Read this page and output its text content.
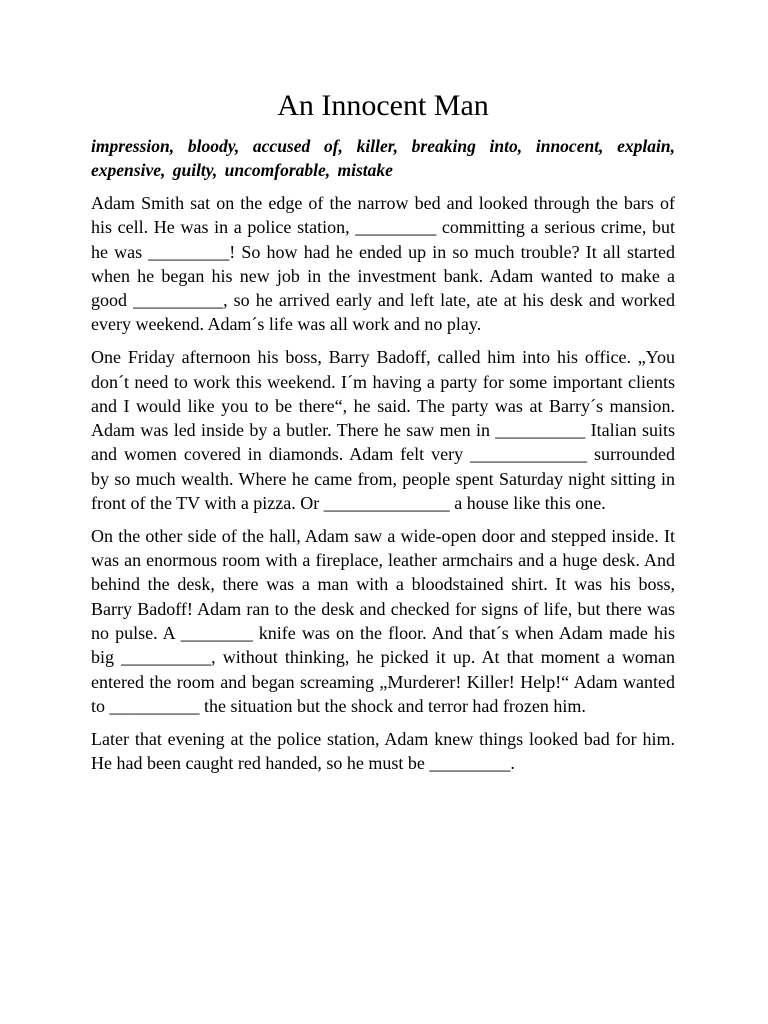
An Innocent Man

impression, bloody, accused of, killer, breaking into, innocent, explain, expensive, guilty, uncomforable, mistake

Adam Smith sat on the edge of the narrow bed and looked through the bars of his cell. He was in a police station, _________ committing a serious crime, but he was _________! So how had he ended up in so much trouble? It all started when he began his new job in the investment bank. Adam wanted to make a good __________, so he arrived early and left late, ate at his desk and worked every weekend. Adam´s life was all work and no play.

One Friday afternoon his boss, Barry Badoff, called him into his office. „You don´t need to work this weekend. I´m having a party for some important clients and I would like you to be there“, he said. The party was at Barry´s mansion. Adam was led inside by a butler. There he saw men in __________ Italian suits and women covered in diamonds. Adam felt very _____________ surrounded by so much wealth. Where he came from, people spent Saturday night sitting in front of the TV with a pizza. Or ______________ a house like this one.

On the other side of the hall, Adam saw a wide-open door and stepped inside. It was an enormous room with a fireplace, leather armchairs and a huge desk. And behind the desk, there was a man with a bloodstained shirt. It was his boss, Barry Badoff! Adam ran to the desk and checked for signs of life, but there was no pulse. A ________ knife was on the floor. And that´s when Adam made his big __________, without thinking, he picked it up. At that moment a woman entered the room and began screaming „Murderer! Killer! Help!“ Adam wanted to __________ the situation but the shock and terror had frozen him.

Later that evening at the police station, Adam knew things looked bad for him. He had been caught red handed, so he must be _________.
